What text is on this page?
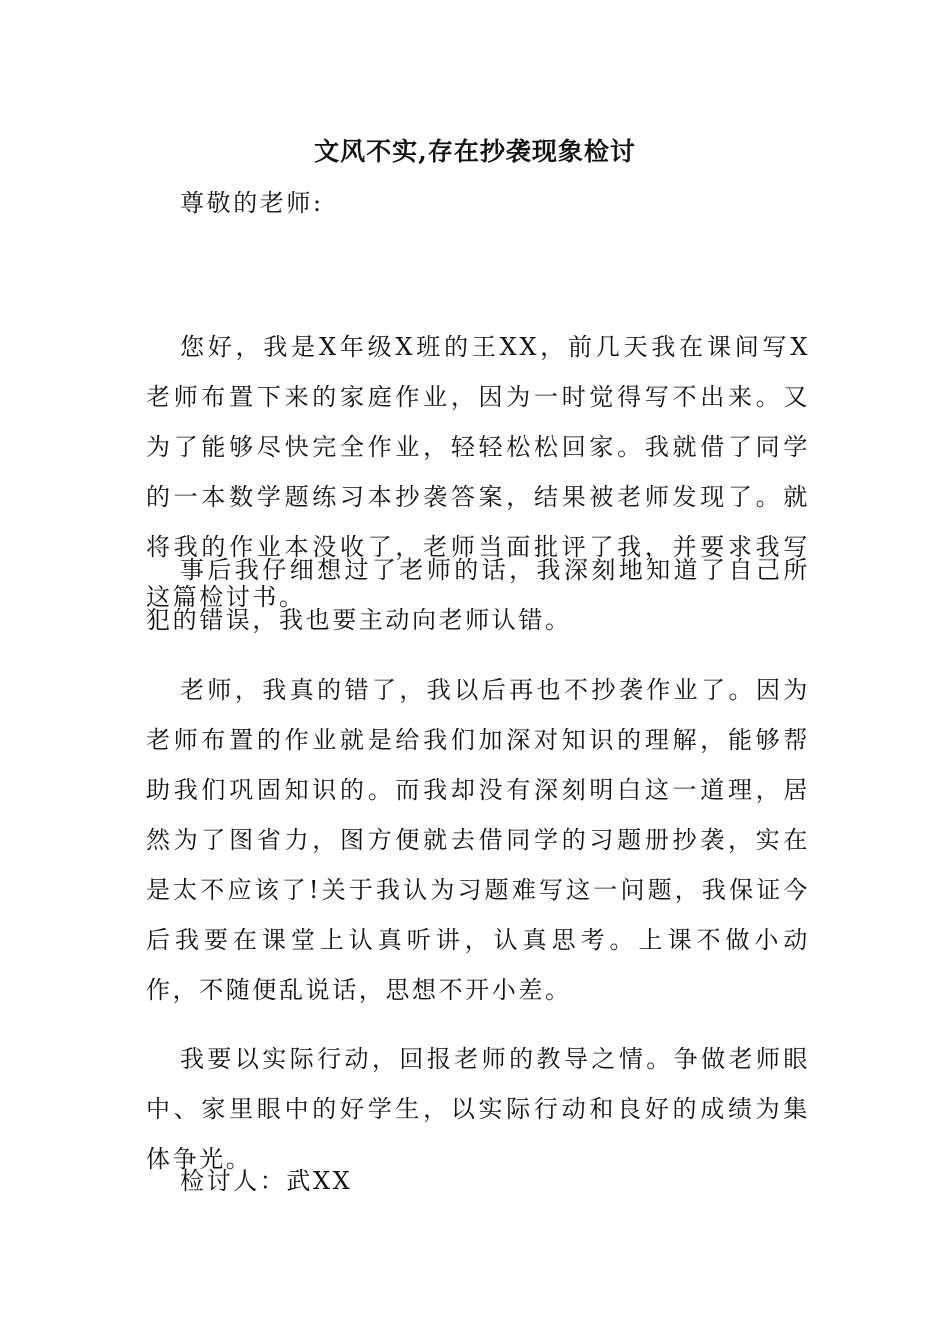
文风不实,存在抄袭现象检讨

尊敬的老师:

您好，我是X年级X班的王XX，前几天我在课间写X老师布置下来的家庭作业，因为一时觉得写不出来。又为了能够尽快完全作业，轻轻松松回家。我就借了同学的一本数学题练习本抄袭答案，结果被老师发现了。就将我的作业本没收了，老师当面批评了我，并要求我写这篇检讨书。

事后我仔细想过了老师的话，我深刻地知道了自己所犯的错误，我也要主动向老师认错。

老师，我真的错了，我以后再也不抄袭作业了。因为老师布置的作业就是给我们加深对知识的理解，能够帮助我们巩固知识的。而我却没有深刻明白这一道理，居然为了图省力，图方便就去借同学的习题册抄袭，实在是太不应该了!关于我认为习题难写这一问题，我保证今后我要在课堂上认真听讲，认真思考。上课不做小动作，不随便乱说话，思想不开小差。

我要以实际行动，回报老师的教导之情。争做老师眼中、家里眼中的好学生，以实际行动和良好的成绩为集体争光。

检讨人：武XX
